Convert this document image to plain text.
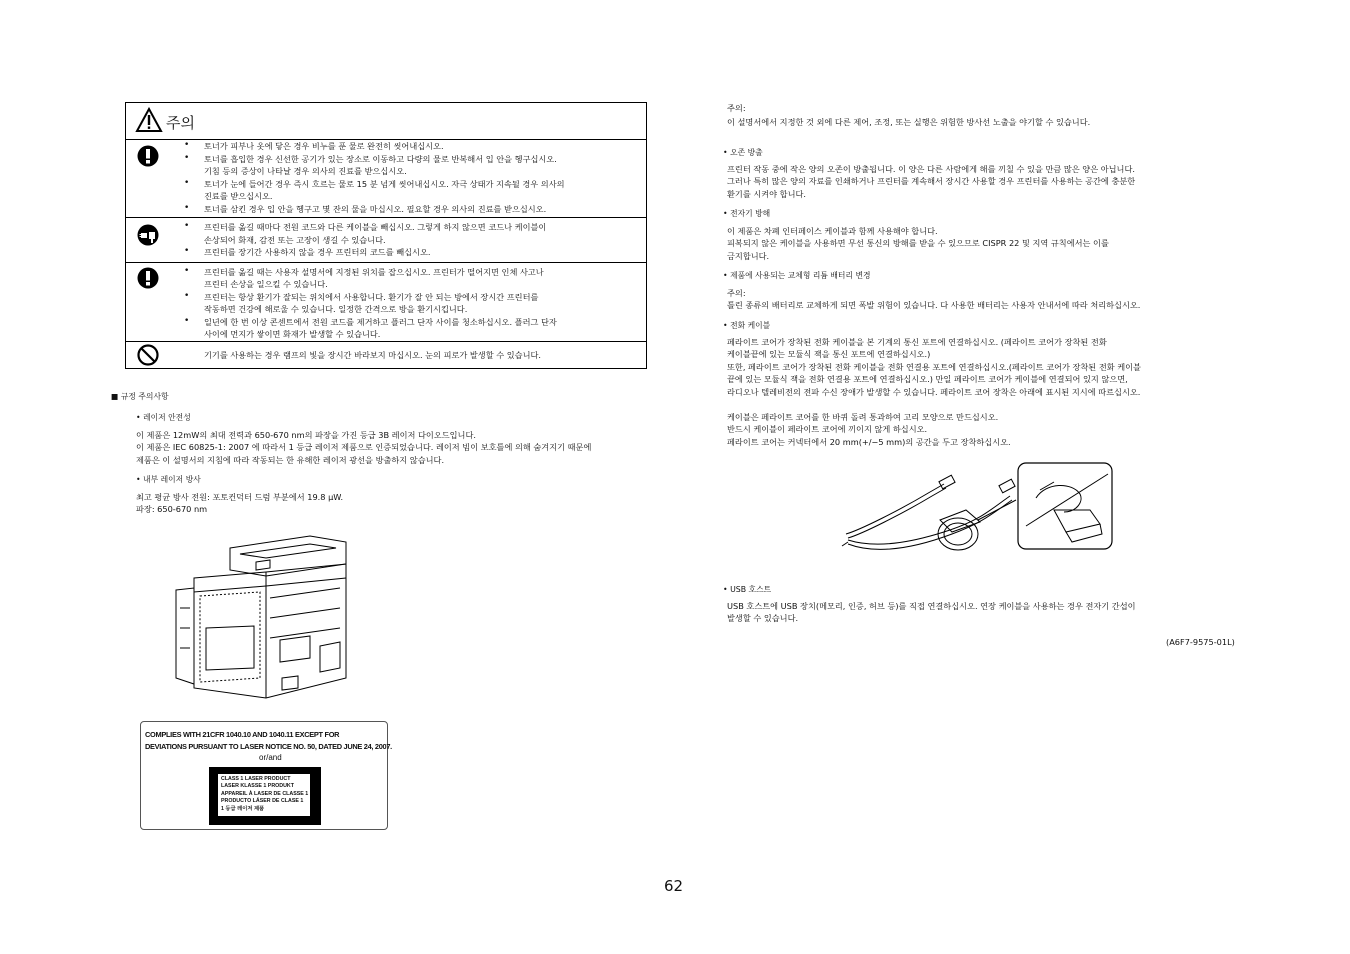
주의
• 토너가 피부나 옷에 닿은 경우 비누를 푼 물로 완전히 씻어내십시오.
• 토너를 흡입한 경우 신선한 공기가 있는 장소로 이동하고 다량의 물로 반복해서 입 안을 헹구십시오.
기침 등의 증상이 나타날 경우 의사의 진료를 받으십시오.
• 토너가 눈에 들어간 경우 즉시 흐르는 물로 15 분 넘게 씻어내십시오. 자극 상태가 지속될 경우 의사의
진료를 받으십시오.
• 토너를 삼킨 경우 입 안을 헹구고 몇 잔의 물을 마십시오. 필요할 경우 의사의 진료를 받으십시오.
• 프린터를 옮길 때마다 전원 코드와 다른 케이블을 빼십시오. 그렇게 하지 않으면 코드나 케이블이
손상되어 화재, 감전 또는 고장이 생길 수 있습니다.
• 프린터를 장기간 사용하지 않을 경우 프린터의 코드를 빼십시오.
• 프린터를 옮길 때는 사용자 설명서에 지정된 위치를 잡으십시오. 프린터가 떨어지면 인체 사고나
프린터 손상을 일으킬 수 있습니다.
• 프린터는 항상 환기가 잘되는 위치에서 사용합니다. 환기가 잘 안 되는 방에서 장시간 프린터를
작동하면 건강에 해로울 수 있습니다. 일정한 간격으로 방을 환기시킵니다.
• 일년에 한 번 이상 콘센트에서 전원 코드를 제거하고 플러그 단자 사이를 청소하십시오. 플러그 단자
사이에 먼지가 쌓이면 화재가 발생할 수 있습니다.
기기를 사용하는 경우 램프의 빛을 장시간 바라보지 마십시오. 눈의 피로가 발생할 수 있습니다.
■ 규정 주의사항
• 레이저 안전성
이 제품은 12mW의 최대 전력과 650-670 nm의 파장을 가진 등급 3B 레이저 다이오드입니다.
이 제품은 IEC 60825-1: 2007 에 따라서 1 등급 레이저 제품으로 인증되었습니다. 레이저 빔이 보호틀에 의해 숨겨지기 때문에
제품은 이 설명서의 지침에 따라 작동되는 한 유해한 레이저 광선을 방출하지 않습니다.
• 내부 레이저 방사
최고 평균 방사 전원: 포토컨덕터 드럼 부분에서 19.8 μW.
파장: 650-670 nm
COMPLIES WITH 21CFR 1040.10 AND 1040.11 EXCEPT FOR
DEVIATIONS PURSUANT TO LASER NOTICE NO. 50, DATED JUNE 24, 2007.
or/and
CLASS 1 LASER PRODUCT
LASER KLASSE 1 PRODUKT
APPAREIL À LASER DE CLASSE 1
PRODUCTO LÁSER DE CLASE 1
1 등급 레이저 제품
주의:
이 설명서에서 지정한 것 외에 다른 제어, 조정, 또는 실행은 위험한 방사선 노출을 야기할 수 있습니다.
• 오존 방출
프린터 작동 중에 작은 양의 오존이 방출됩니다. 이 양은 다른 사람에게 해를 끼칠 수 있을 만큼 많은 양은 아닙니다.
그러나 특히 많은 양의 자료를 인쇄하거나 프린터를 계속해서 장시간 사용할 경우 프린터를 사용하는 공간에 충분한
환기를 시켜야 합니다.
• 전자기 방해
이 제품은 차폐 인터페이스 케이블과 함께 사용해야 합니다.
피복되지 않은 케이블을 사용하면 무선 통신의 방해를 받을 수 있으므로 CISPR 22 및 지역 규칙에서는 이를
금지합니다.
• 제품에 사용되는 교체형 리튬 배터리 변경
주의:
틀린 종류의 배터리로 교체하게 되면 폭발 위험이 있습니다. 다 사용한 배터리는 사용자 안내서에 따라 처리하십시오.
• 전화 케이블
페라이트 코어가 장착된 전화 케이블을 본 기계의 통신 포트에 연결하십시오. (페라이트 코어가 장착된 전화
케이블끝에 있는 모듈식 잭을 통신 포트에 연결하십시오.)
또한, 페라이트 코어가 장착된 전화 케이블을 전화 연결용 포트에 연결하십시오.(페라이트 코어가 장착된 전화 케이블
끝에 있는 모듈식 잭을 전화 연결용 포트에 연결하십시오.) 만일 페라이트 코어가 케이블에 연결되어 있지 않으면,
라디오나 텔레비전의 전파 수신 장애가 발생할 수 있습니다. 페라이트 코어 장착은 아래에 표시된 지시에 따르십시오.
케이블은 페라이트 코어를 한 바퀴 돌려 통과하여 고리 모양으로 만드십시오.
반드시 케이블이 페라이트 코어에 끼이지 않게 하십시오.
페라이트 코어는 커넥터에서 20 mm(+/−5 mm)의 공간을 두고 장착하십시오.
• USB 호스트
USB 호스트에 USB 장치(메모리, 인증, 허브 등)를 직접 연결하십시오. 연장 케이블을 사용하는 경우 전자기 간섭이
발생할 수 있습니다.
(A6F7-9575-01L)
62
